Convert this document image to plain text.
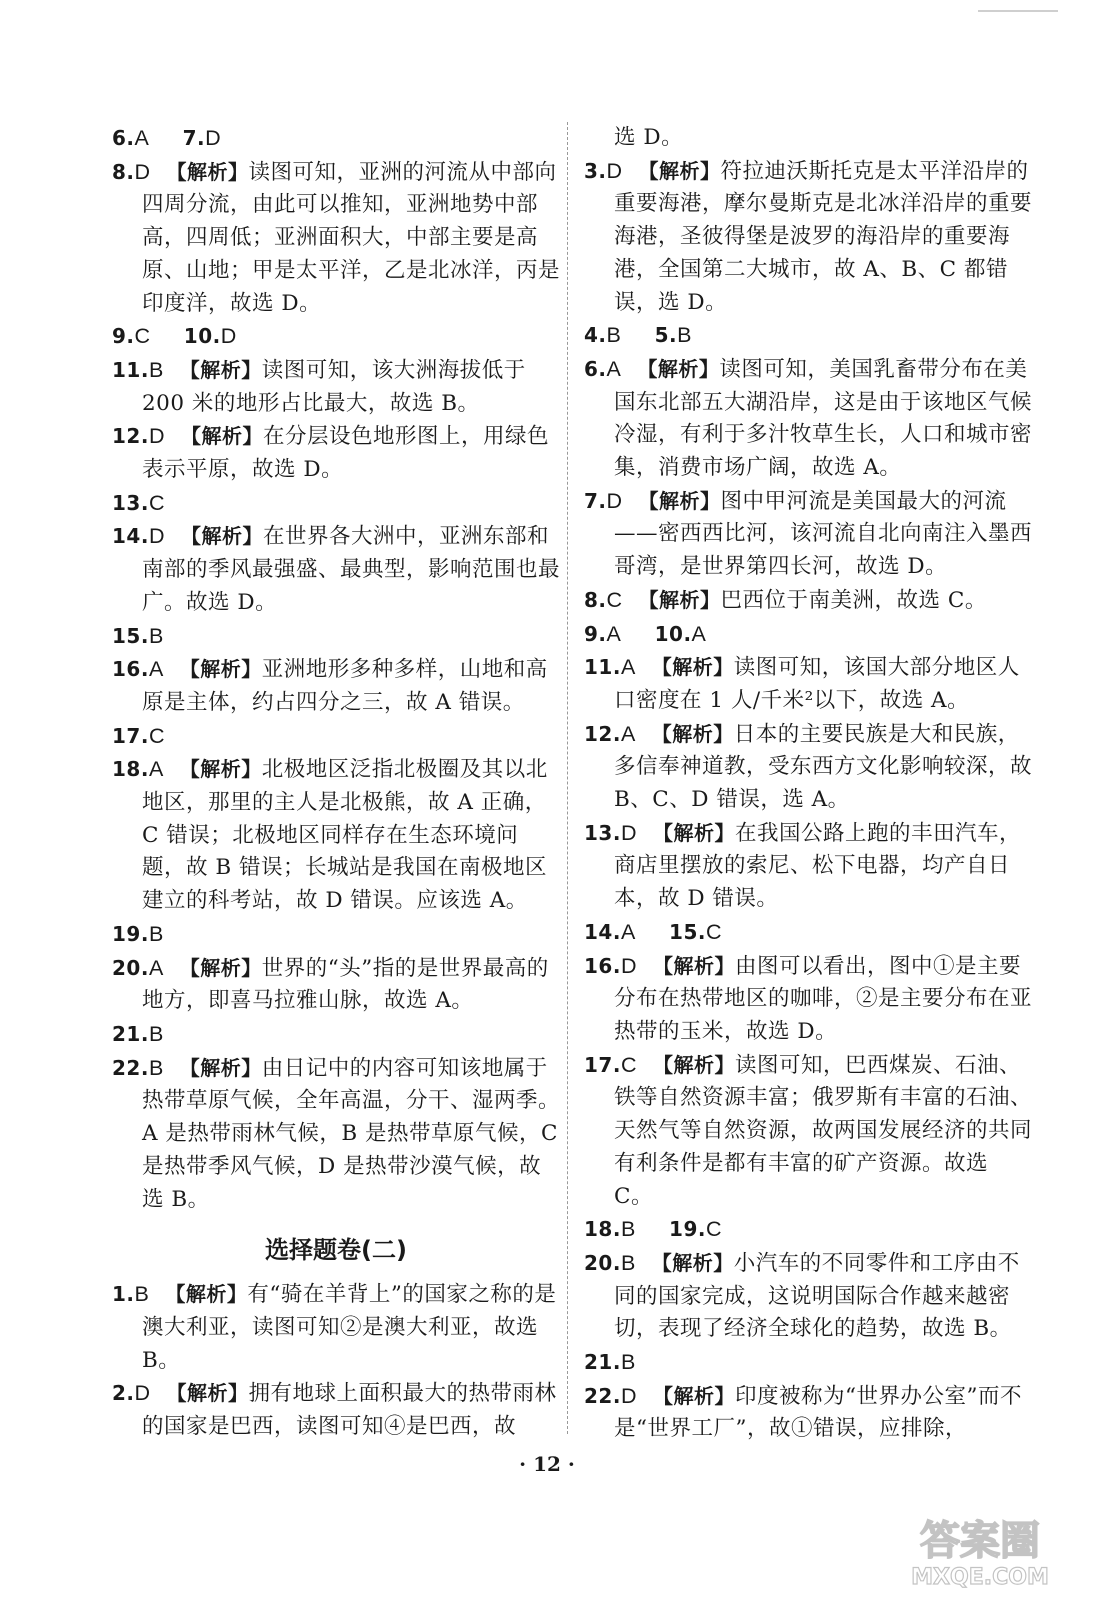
6.A   7.D
8.D 【解析】读图可知，亚洲的河流从中部向四周分流，由此可以推知，亚洲地势中部高，四周低；亚洲面积大，中部主要是高原、山地；甲是太平洋，乙是北冰洋，丙是印度洋，故选 D。
9.C   10.D
11.B 【解析】读图可知，该大洲海拔低于 200 米的地形占比最大，故选 B。
12.D 【解析】在分层设色地形图上，用绿色表示平原，故选 D。
13.C
14.D 【解析】在世界各大洲中，亚洲东部和南部的季风最强盛、最典型，影响范围也最广。故选 D。
15.B
16.A 【解析】亚洲地形多种多样，山地和高原是主体，约占四分之三，故 A 错误。
17.C
18.A 【解析】北极地区泛指北极圈及其以北地区，那里的主人是北极熊，故 A 正确，C 错误；北极地区同样存在生态环境问题，故 B 错误；长城站是我国在南极地区建立的科考站，故 D 错误。应该选 A。
19.B
20.A 【解析】世界的“头”指的是世界最高的地方，即喜马拉雅山脉，故选 A。
21.B
22.B 【解析】由日记中的内容可知该地属于热带草原气候，全年高温，分干、湿两季。A 是热带雨林气候，B 是热带草原气候，C 是热带季风气候，D 是热带沙漠气候，故选 B。
选择题卷(二)
1.B 【解析】有“骑在羊背上”的国家之称的是澳大利亚，读图可知②是澳大利亚，故选 B。
2.D 【解析】拥有地球上面积最大的热带雨林的国家是巴西，读图可知④是巴西，故
选 D。
3.D 【解析】符拉迪沃斯托克是太平洋沿岸的重要海港，摩尔曼斯克是北冰洋沿岸的重要海港，圣彼得堡是波罗的海沿岸的重要海港，全国第二大城市，故 A、B、C 都错误，选 D。
4.B   5.B
6.A 【解析】读图可知，美国乳畜带分布在美国东北部五大湖沿岸，这是由于该地区气候冷湿，有利于多汁牧草生长，人口和城市密集，消费市场广阔，故选 A。
7.D 【解析】图中甲河流是美国最大的河流——密西西比河，该河流自北向南注入墨西哥湾，是世界第四长河，故选 D。
8.C 【解析】巴西位于南美洲，故选 C。
9.A   10.A
11.A 【解析】读图可知，该国大部分地区人口密度在 1 人/千米²以下，故选 A。
12.A 【解析】日本的主要民族是大和民族，多信奉神道教，受东西方文化影响较深，故 B、C、D 错误，选 A。
13.D 【解析】在我国公路上跑的丰田汽车，商店里摆放的索尼、松下电器，均产自日本，故 D 错误。
14.A   15.C
16.D 【解析】由图可以看出，图中①是主要分布在热带地区的咖啡，②是主要分布在亚热带的玉米，故选 D。
17.C 【解析】读图可知，巴西煤炭、石油、铁等自然资源丰富；俄罗斯有丰富的石油、天然气等自然资源，故两国发展经济的共同有利条件是都有丰富的矿产资源。故选 C。
18.B   19.C
20.B 【解析】小汽车的不同零件和工序由不同的国家完成，这说明国际合作越来越密切，表现了经济全球化的趋势，故选 B。
21.B
22.D 【解析】印度被称为“世界办公室”而不是“世界工厂”，故①错误，应排除，
· 12 ·
答案圈
MXQE.COM
